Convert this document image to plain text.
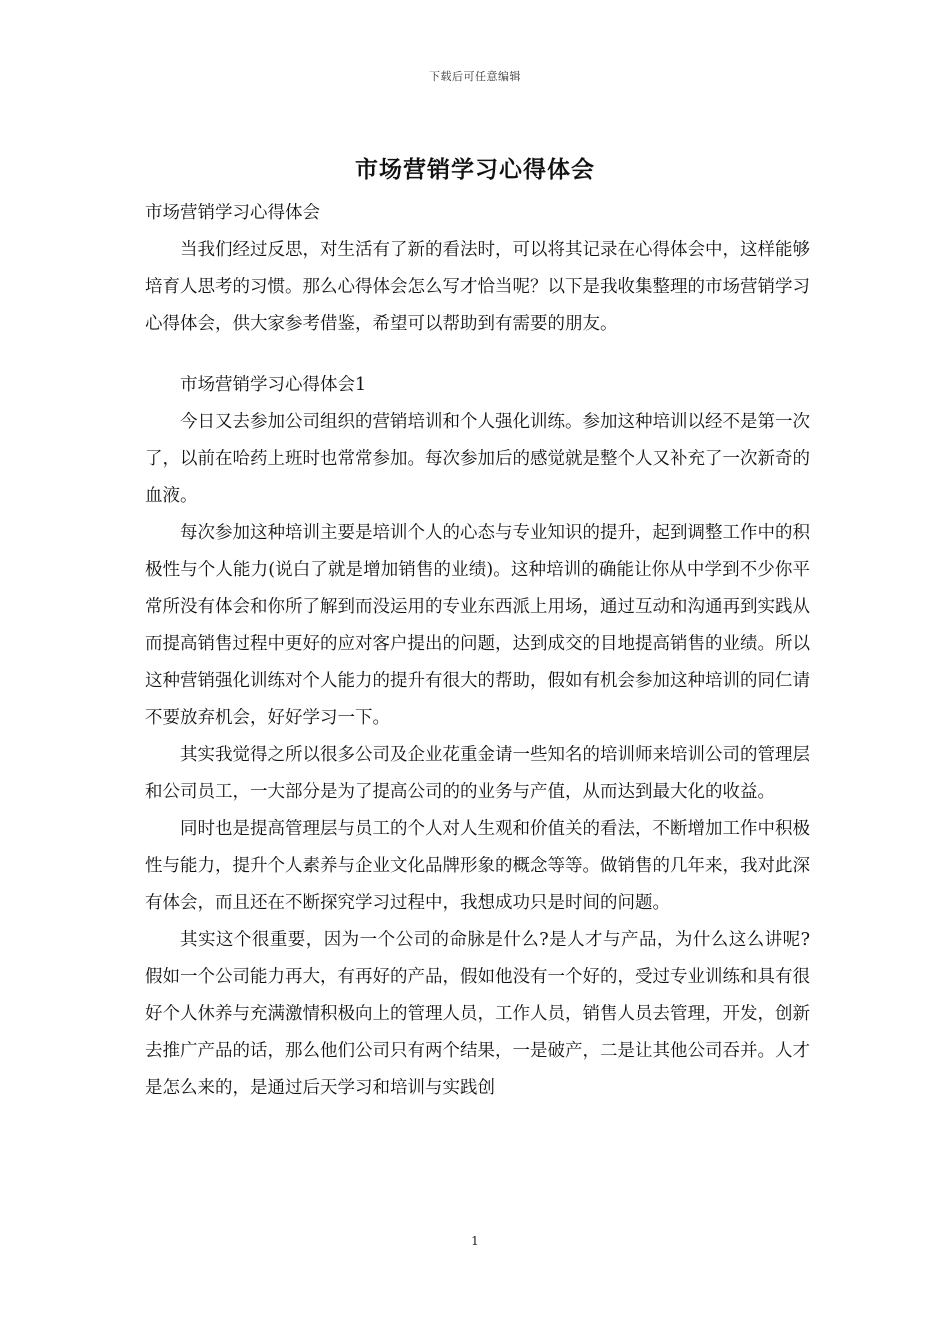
下载后可任意编辑
市场营销学习心得体会

市场营销学习心得体会

当我们经过反思，对生活有了新的看法时，可以将其记录在心得体会中，这样能够培育人思考的习惯。那么心得体会怎么写才恰当呢？以下是我收集整理的市场营销学习心得体会，供大家参考借鉴，希望可以帮助到有需要的朋友。

市场营销学习心得体会1

今日又去参加公司组织的营销培训和个人强化训练。参加这种培训以经不是第一次了，以前在哈药上班时也常常参加。每次参加后的感觉就是整个人又补充了一次新奇的血液。

每次参加这种培训主要是培训个人的心态与专业知识的提升，起到调整工作中的积极性与个人能力(说白了就是增加销售的业绩)。这种培训的确能让你从中学到不少你平常所没有体会和你所了解到而没运用的专业东西派上用场，通过互动和沟通再到实践从而提高销售过程中更好的应对客户提出的问题，达到成交的目地提高销售的业绩。所以这种营销强化训练对个人能力的提升有很大的帮助，假如有机会参加这种培训的同仁请不要放弃机会，好好学习一下。

其实我觉得之所以很多公司及企业花重金请一些知名的培训师来培训公司的管理层和公司员工，一大部分是为了提高公司的的业务与产值，从而达到最大化的收益。

同时也是提高管理层与员工的个人对人生观和价值关的看法，不断增加工作中积极性与能力，提升个人素养与企业文化品牌形象的概念等等。做销售的几年来，我对此深有体会，而且还在不断探究学习过程中，我想成功只是时间的问题。

其实这个很重要，因为一个公司的命脉是什么?是人才与产品，为什么这么讲呢?假如一个公司能力再大，有再好的产品，假如他没有一个好的，受过专业训练和具有很好个人休养与充满激情积极向上的管理人员，工作人员，销售人员去管理，开发，创新去推广产品的话，那么他们公司只有两个结果，一是破产，二是让其他公司吞并。人才是怎么来的，是通过后天学习和培训与实践创

1
